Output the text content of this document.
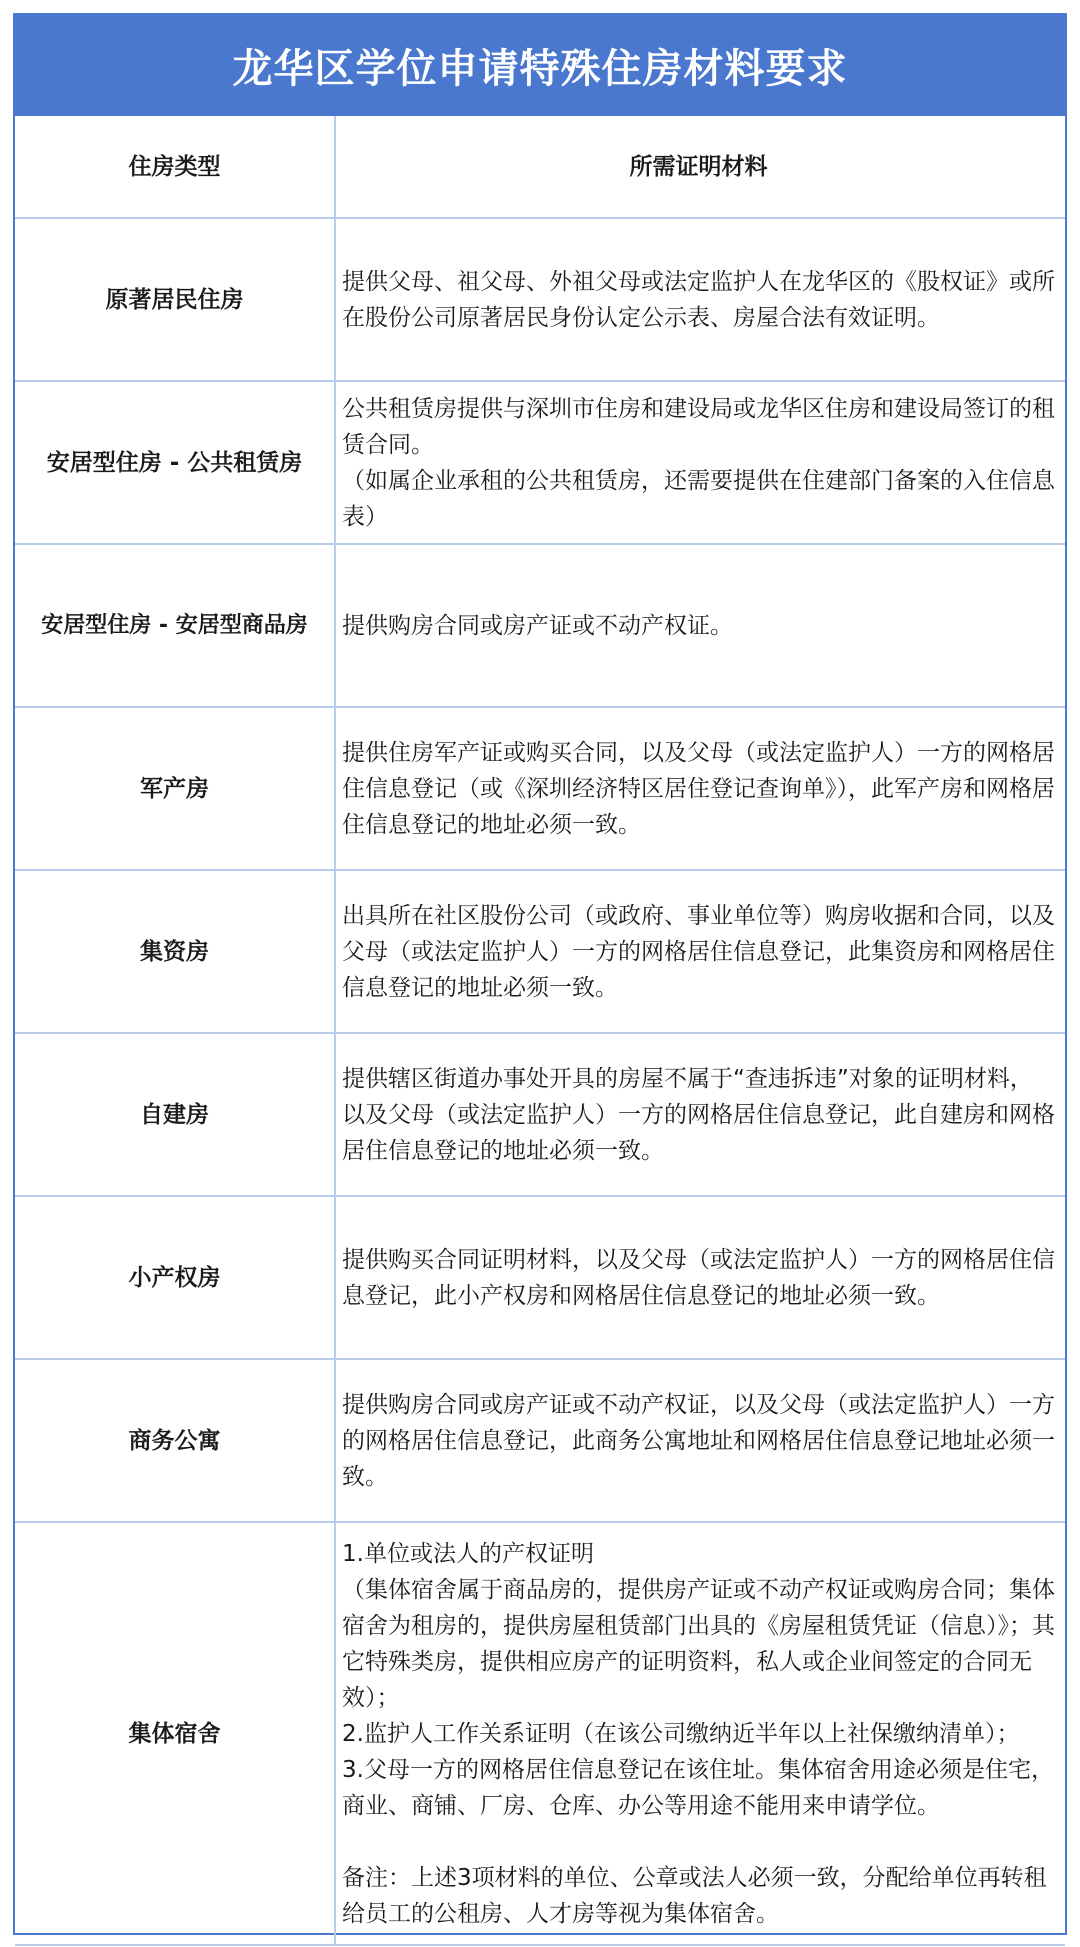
龙华区学位申请特殊住房材料要求
住房类型	所需证明材料
原著居民住房	提供父母、祖父母、外祖父母或法定监护人在龙华区的《股权证》或所在股份公司原著居民身份认定公示表、房屋合法有效证明。
安居型住房 - 公共租赁房	公共租赁房提供与深圳市住房和建设局或龙华区住房和建设局签订的租赁合同。
（如属企业承租的公共租赁房，还需要提供在住建部门备案的入住信息表）
安居型住房 - 安居型商品房	提供购房合同或房产证或不动产权证。
军产房	提供住房军产证或购买合同，以及父母（或法定监护人）一方的网格居住信息登记（或《深圳经济特区居住登记查询单》），此军产房和网格居住信息登记的地址必须一致。
集资房	出具所在社区股份公司（或政府、事业单位等）购房收据和合同，以及父母（或法定监护人）一方的网格居住信息登记，此集资房和网格居住信息登记的地址必须一致。
自建房	提供辖区街道办事处开具的房屋不属于“查违拆违”对象的证明材料，以及父母（或法定监护人）一方的网格居住信息登记，此自建房和网格居住信息登记的地址必须一致。
小产权房	提供购买合同证明材料，以及父母（或法定监护人）一方的网格居住信息登记，此小产权房和网格居住信息登记的地址必须一致。
商务公寓	提供购房合同或房产证或不动产权证，以及父母（或法定监护人）一方的网格居住信息登记，此商务公寓地址和网格居住信息登记地址必须一致。
集体宿舍	1.单位或法人的产权证明
（集体宿舍属于商品房的，提供房产证或不动产权证或购房合同；集体宿舍为租房的，提供房屋租赁部门出具的《房屋租赁凭证（信息）》；其它特殊类房，提供相应房产的证明资料，私人或企业间签定的合同无效）；
2.监护人工作关系证明（在该公司缴纳近半年以上社保缴纳清单）；
3.父母一方的网格居住信息登记在该住址。集体宿舍用途必须是住宅，商业、商铺、厂房、仓库、办公等用途不能用来申请学位。

备注：上述3项材料的单位、公章或法人必须一致，分配给单位再转租给员工的公租房、人才房等视为集体宿舍。
